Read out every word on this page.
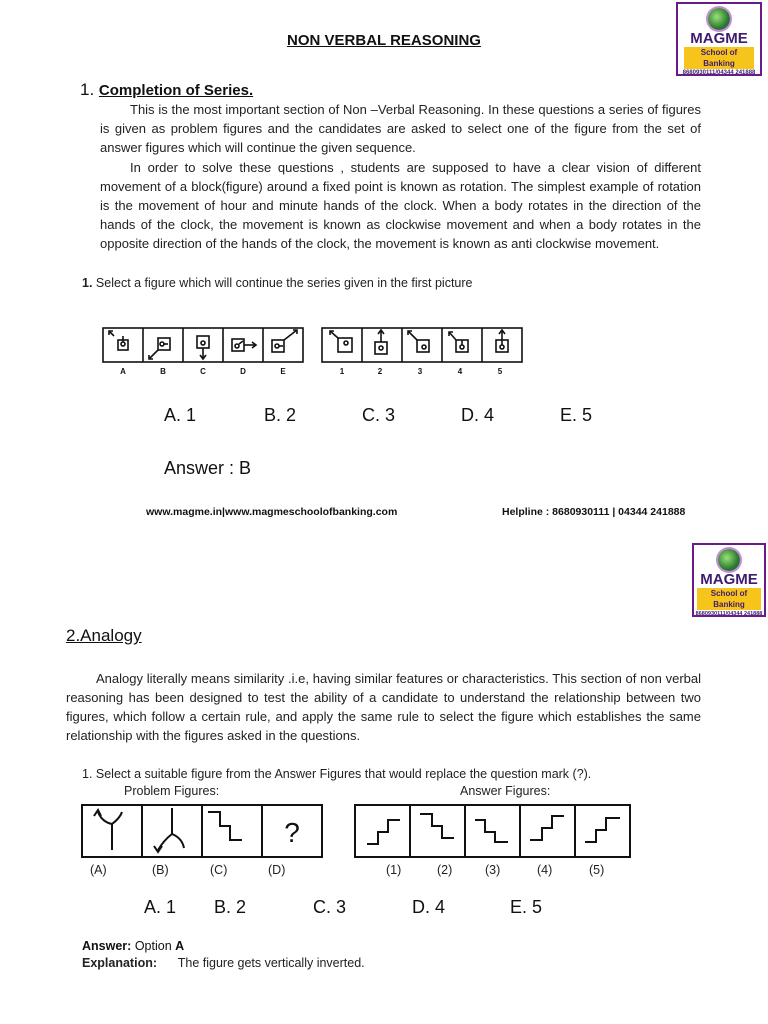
NON VERBAL REASONING	MAGME
School of Banking
8680930111/04344 241888
1. Completion of Series.
This is the most important section of Non –Verbal Reasoning. In these questions a series of figures is given as problem figures and the candidates are asked to select one of the figure from the set of answer figures which will continue the given sequence.
In order to solve these questions , students are supposed to have a clear vision of different movement of a block(figure) around a fixed point is known as rotation. The simplest example of rotation is the movement of hour and minute hands of the clock. When a body rotates in the direction of the hands of the clock, the movement is known as clockwise movement and when a body rotates in the opposite direction of the hands of the clock, the movement is known as anti clockwise movement.
1. Select a figure which will continue the series given in the first picture
A	B	C	D	E	1	2	3	4	5
A. 1	B. 2	C. 3	D. 4	E. 5
Answer : B
www.magme.in|www.magmeschoolofbanking.com	Helpline : 8680930111 | 04344 241888
MAGME
School of Banking
8680930111/04344 241888
2.Analogy
Analogy literally means similarity .i.e, having similar features or characteristics. This section of non verbal reasoning has been designed to test the ability of a candidate to understand the relationship between two figures, which follow a certain rule, and apply the same rule to select the figure which establishes the same relationship with the figures asked in the questions.
1. Select a suitable figure from the Answer Figures that would replace the question mark (?).
Problem Figures:	Answer Figures:
?
(A)	(B)	(C)	(D)	(1)	(2)	(3)	(4)	(5)
A. 1 B. 2	C. 3	D. 4	E. 5
Answer: Option A
Explanation: The figure gets vertically inverted.
